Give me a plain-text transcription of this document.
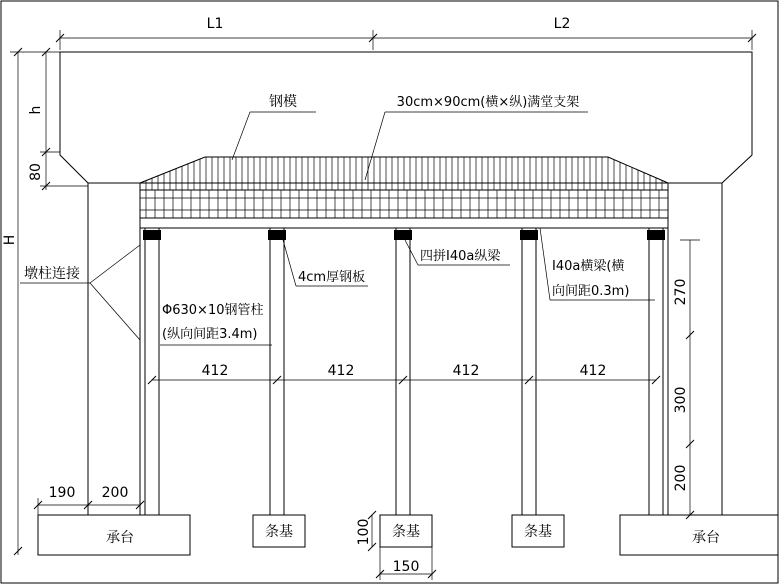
L1	L2
412	412	412	412
H
h
80
270
300
200
190 200
100
150
钢模	30cm×90cm(横×纵)满堂支架
墩柱连接
Φ630×10钢管柱
(纵向间距3.4m)
4cm厚钢板
四拼I40a纵梁
I40a横梁(横
向间距0.3m)
承台	承台
条基	条基	条基
